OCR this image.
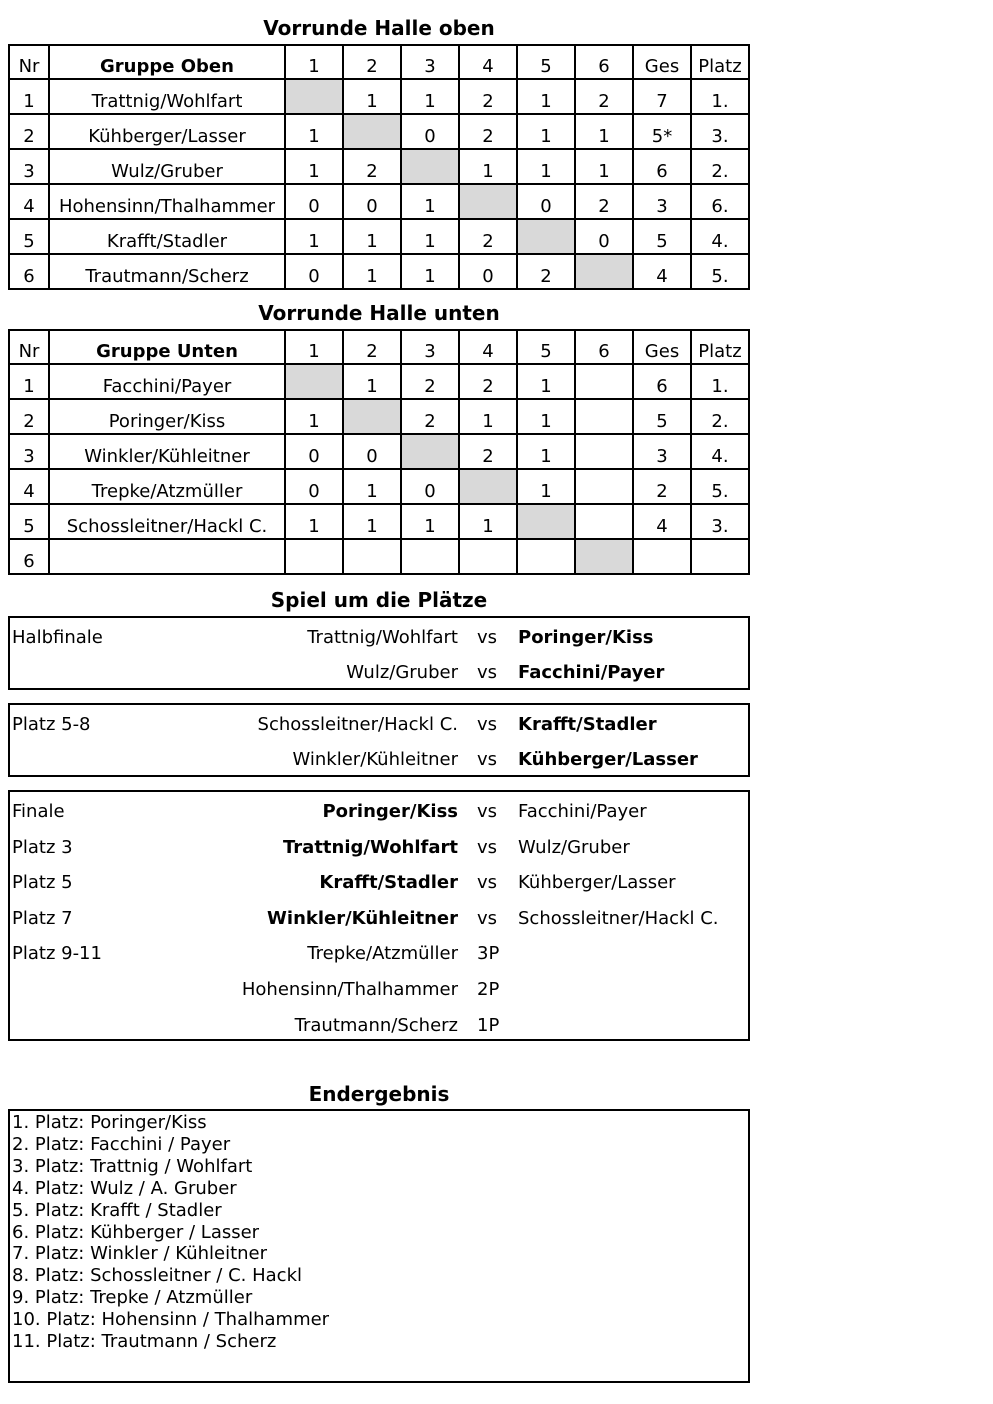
Vorrunde Halle oben
Nr	Gruppe Oben	1	2	3	4	5	6	Ges	Platz
1	Trattnig/Wohlfart		1	1	2	1	2	7	1.
2	Kühberger/Lasser	1		0	2	1	1	5*	3.
3	Wulz/Gruber	1	2		1	1	1	6	2.
4	Hohensinn/Thalhammer	0	0	1		0	2	3	6.
5	Krafft/Stadler	1	1	1	2		0	5	4.
6	Trautmann/Scherz	0	1	1	0	2		4	5.
Vorrunde Halle unten
Nr	Gruppe Unten	1	2	3	4	5	6	Ges	Platz
1	Facchini/Payer		1	2	2	1		6	1.
2	Poringer/Kiss	1		2	1	1		5	2.
3	Winkler/Kühleitner	0	0		2	1		3	4.
4	Trepke/Atzmüller	0	1	0		1		2	5.
5	Schossleitner/Hackl C.	1	1	1	1			4	3.
6									
Spiel um die Plätze
Halbfinale	Trattnig/Wohlfart vs Poringer/Kiss
Wulz/Gruber vs Facchini/Payer
Platz 5-8	Schossleitner/Hackl C. vs Krafft/Stadler
Winkler/Kühleitner vs Kühberger/Lasser
Finale	Poringer/Kiss vs Facchini/Payer
Platz 3	Trattnig/Wohlfart vs Wulz/Gruber
Platz 5	Krafft/Stadler vs Kühberger/Lasser
Platz 7	Winkler/Kühleitner vs Schossleitner/Hackl C.
Platz 9-11	Trepke/Atzmüller 3P
Hohensinn/Thalhammer 2P
Trautmann/Scherz 1P
Endergebnis
1. Platz: Poringer/Kiss
2. Platz: Facchini / Payer
3. Platz: Trattnig / Wohlfart
4. Platz: Wulz / A. Gruber
5. Platz: Krafft / Stadler
6. Platz: Kühberger / Lasser
7. Platz: Winkler / Kühleitner
8. Platz: Schossleitner / C. Hackl
9. Platz: Trepke / Atzmüller
10. Platz: Hohensinn / Thalhammer
11. Platz: Trautmann / Scherz
